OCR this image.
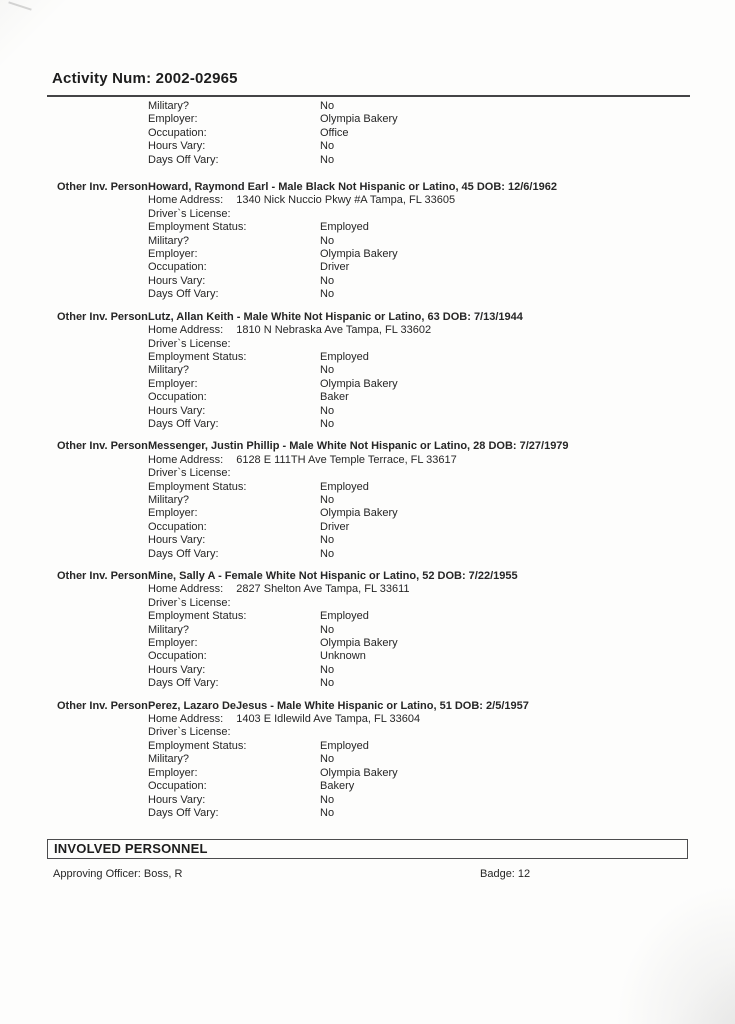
Activity Num: 2002-02965
Military?	No
Employer:	Olympia Bakery
Occupation:	Office
Hours Vary:	No
Days Off Vary:	No
Other Inv. Person Howard, Raymond Earl - Male Black Not Hispanic or Latino, 45 DOB: 12/6/1962
Home Address: 1340 Nick Nuccio Pkwy #A Tampa, FL 33605
Driver`s License:
Employment Status:	Employed
Military?	No
Employer:	Olympia Bakery
Occupation:	Driver
Hours Vary:	No
Days Off Vary:	No
Other Inv. Person Lutz, Allan Keith - Male White Not Hispanic or Latino, 63 DOB: 7/13/1944
Home Address: 1810 N Nebraska Ave Tampa, FL 33602
Driver`s License:
Employment Status:	Employed
Military?	No
Employer:	Olympia Bakery
Occupation:	Baker
Hours Vary:	No
Days Off Vary:	No
Other Inv. Person Messenger, Justin Phillip - Male White Not Hispanic or Latino, 28 DOB: 7/27/1979
Home Address: 6128 E 111TH Ave Temple Terrace, FL 33617
Driver`s License:
Employment Status:	Employed
Military?	No
Employer:	Olympia Bakery
Occupation:	Driver
Hours Vary:	No
Days Off Vary:	No
Other Inv. Person Mine, Sally A - Female White Not Hispanic or Latino, 52 DOB: 7/22/1955
Home Address: 2827 Shelton Ave Tampa, FL 33611
Driver`s License:
Employment Status:	Employed
Military?	No
Employer:	Olympia Bakery
Occupation:	Unknown
Hours Vary:	No
Days Off Vary:	No
Other Inv. Person Perez, Lazaro DeJesus - Male White Hispanic or Latino, 51 DOB: 2/5/1957
Home Address: 1403 E Idlewild Ave Tampa, FL 33604
Driver`s License:
Employment Status:	Employed
Military?	No
Employer:	Olympia Bakery
Occupation:	Bakery
Hours Vary:	No
Days Off Vary:	No
INVOLVED PERSONNEL
Approving Officer: Boss, R	Badge: 12
